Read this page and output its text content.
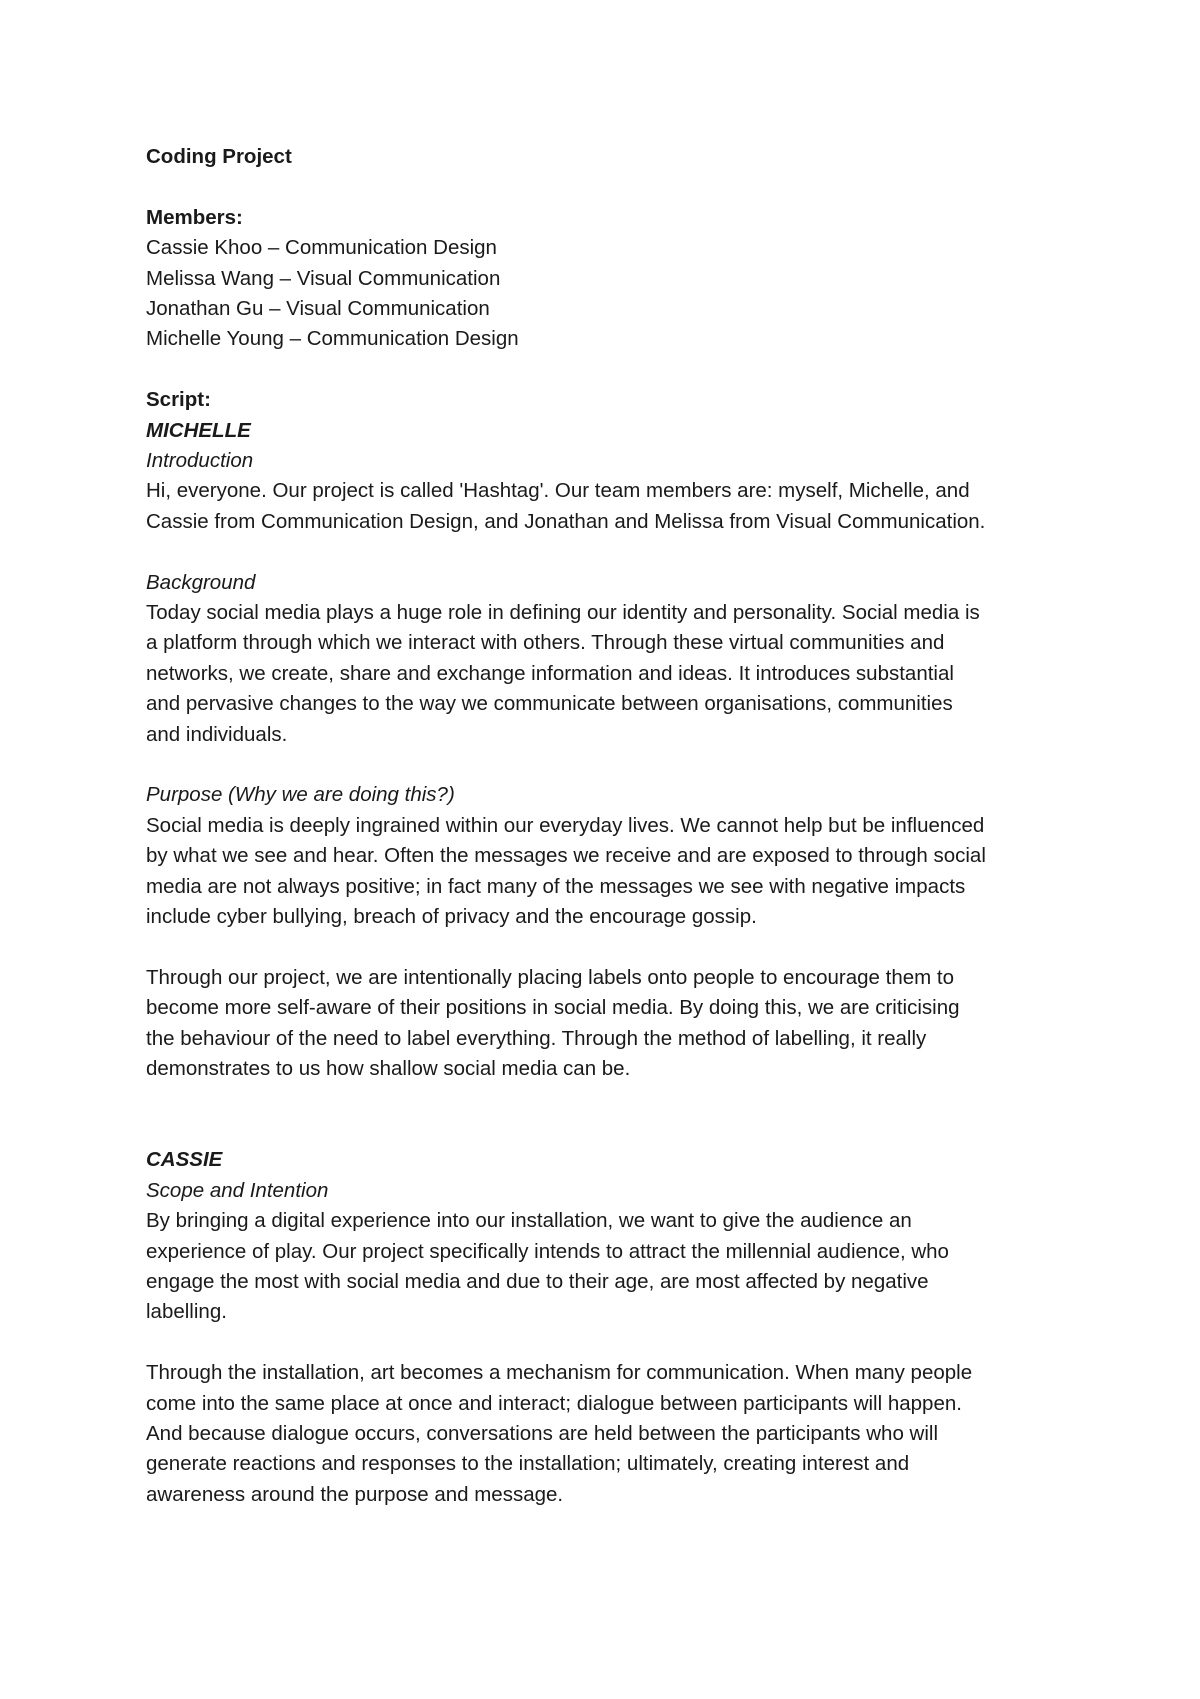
Coding Project
Members:
Cassie Khoo – Communication Design
Melissa Wang – Visual Communication
Jonathan Gu – Visual Communication
Michelle Young – Communication Design
Script:
MICHELLE
Introduction
Hi, everyone. Our project is called 'Hashtag'. Our team members are: myself, Michelle, and
Cassie from Communication Design, and Jonathan and Melissa from Visual Communication.
Background
Today social media plays a huge role in defining our identity and personality. Social media is
a platform through which we interact with others. Through these virtual communities and
networks, we create, share and exchange information and ideas. It introduces substantial
and pervasive changes to the way we communicate between organisations, communities
and individuals.
Purpose (Why we are doing this?)
Social media is deeply ingrained within our everyday lives. We cannot help but be influenced
by what we see and hear. Often the messages we receive and are exposed to through social
media are not always positive; in fact many of the messages we see with negative impacts
include cyber bullying, breach of privacy and the encourage gossip.
Through our project, we are intentionally placing labels onto people to encourage them to
become more self-aware of their positions in social media. By doing this, we are criticising
the behaviour of the need to label everything. Through the method of labelling, it really
demonstrates to us how shallow social media can be.
CASSIE
Scope and Intention
By bringing a digital experience into our installation, we want to give the audience an
experience of play. Our project specifically intends to attract the millennial audience, who
engage the most with social media and due to their age, are most affected by negative
labelling.
Through the installation, art becomes a mechanism for communication. When many people
come into the same place at once and interact; dialogue between participants will happen.
And because dialogue occurs, conversations are held between the participants who will
generate reactions and responses to the installation; ultimately, creating interest and
awareness around the purpose and message.
